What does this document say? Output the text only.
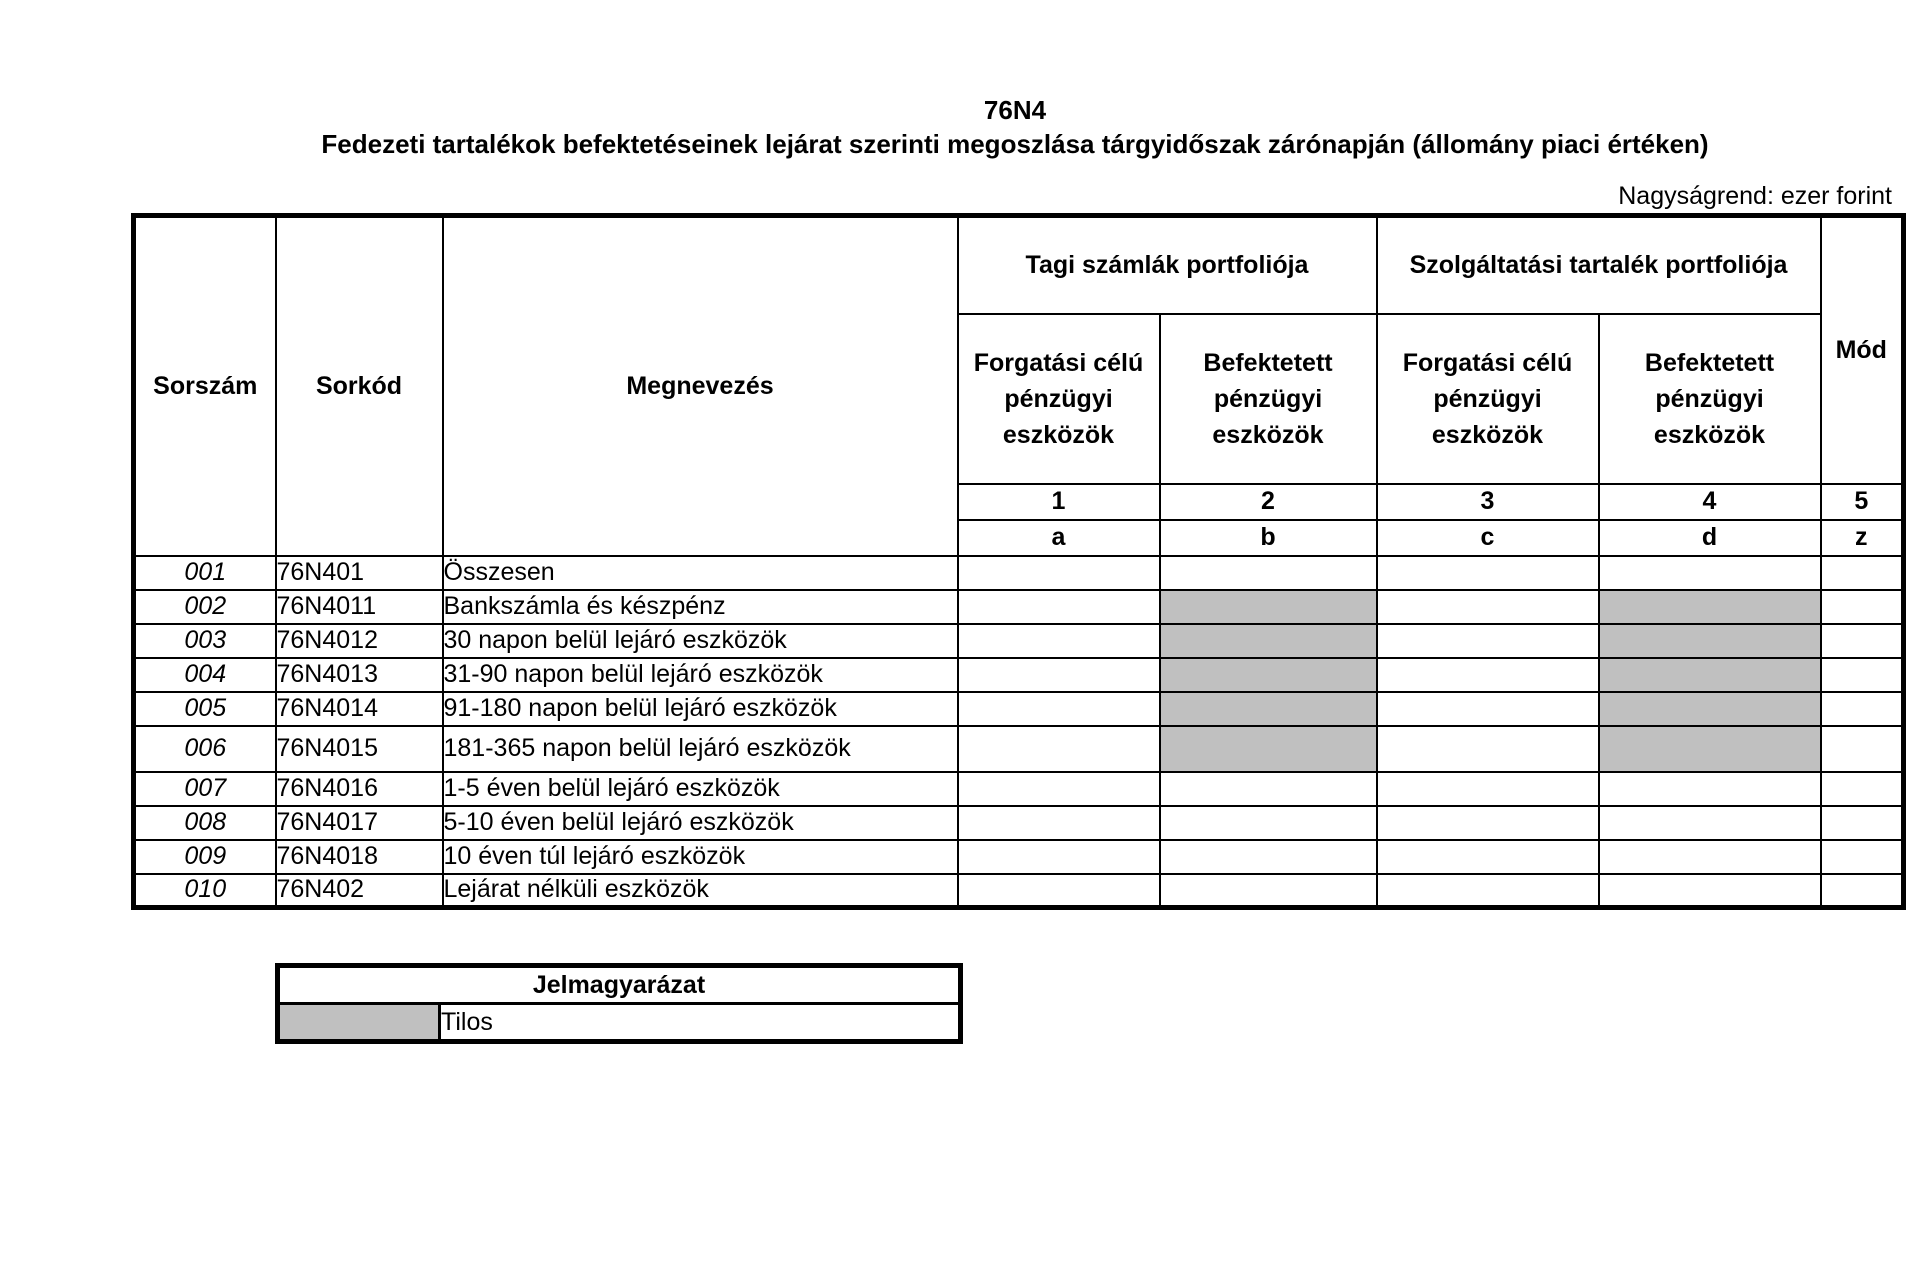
76N4
Fedezeti tartalékok befektetéseinek lejárat szerinti megoszlása tárgyidőszak zárónapján (állomány piaci értéken)
Nagyságrend: ezer forint
Sorszám	Sorkód	Megnevezés	Tagi számlák portfoliója		Szolgáltatási tartalék portfoliója		Mód
			Forgatási célú pénzügyi eszközök	Befektetett pénzügyi eszközök	Forgatási célú pénzügyi eszközök	Befektetett pénzügyi eszközök	
			1	2	3	4	5
			a	b	c	d	z
001	76N401	Összesen					
002	76N4011	Bankszámla és készpénz					
003	76N4012	30 napon belül lejáró eszközök					
004	76N4013	31-90 napon belül lejáró eszközök					
005	76N4014	91-180 napon belül lejáró eszközök					
006	76N4015	181-365 napon belül lejáró eszközök					
007	76N4016	1-5 éven belül lejáró eszközök					
008	76N4017	5-10 éven belül lejáró eszközök					
009	76N4018	10 éven túl lejáró eszközök					
010	76N402	Lejárat nélküli eszközök					
Jelmagyarázat
	Tilos
